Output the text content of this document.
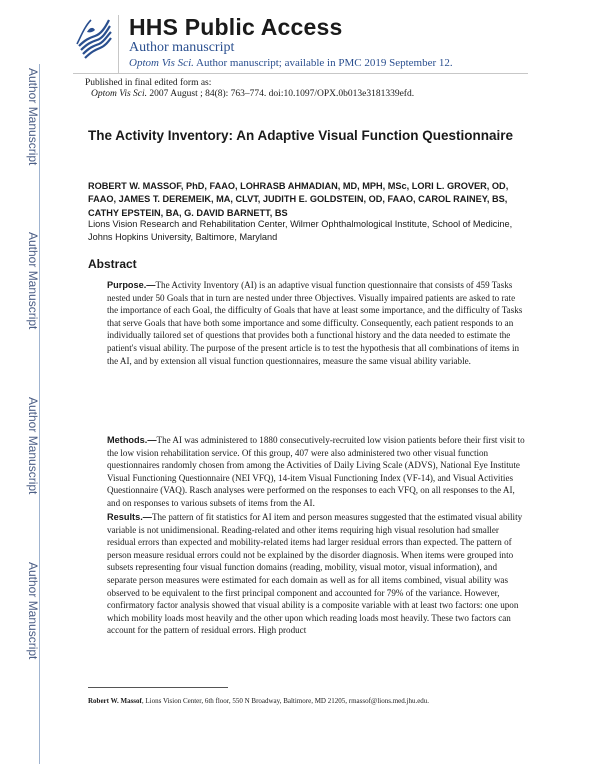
HHS Public Access
Author manuscript
Optom Vis Sci. Author manuscript; available in PMC 2019 September 12.
Author Manuscript
Author Manuscript
Author Manuscript
Author Manuscript
Published in final edited form as:
Optom Vis Sci. 2007 August ; 84(8): 763–774. doi:10.1097/OPX.0b013e3181339efd.
The Activity Inventory: An Adaptive Visual Function Questionnaire
ROBERT W. MASSOF, PhD, FAAO, LOHRASB AHMADIAN, MD, MPH, MSc, LORI L. GROVER, OD, FAAO, JAMES T. DEREMEIK, MA, CLVT, JUDITH E. GOLDSTEIN, OD, FAAO, CAROL RAINEY, BS, CATHY EPSTEIN, BA, G. DAVID BARNETT, BS
Lions Vision Research and Rehabilitation Center, Wilmer Ophthalmological Institute, School of Medicine, Johns Hopkins University, Baltimore, Maryland
Abstract

Purpose.—The Activity Inventory (AI) is an adaptive visual function questionnaire that consists of 459 Tasks nested under 50 Goals that in turn are nested under three Objectives. Visually impaired patients are asked to rate the importance of each Goal, the difficulty of Goals that have at least some importance, and the difficulty of Tasks that serve Goals that have both some importance and some difficulty. Consequently, each patient responds to an individually tailored set of questions that provides both a functional history and the data needed to estimate the patient's visual ability. The purpose of the present article is to test the hypothesis that all combinations of items in the AI, and by extension all visual function questionnaires, measure the same visual ability variable.

Methods.—The AI was administered to 1880 consecutively-recruited low vision patients before their first visit to the low vision rehabilitation service. Of this group, 407 were also administered two other visual function questionnaires randomly chosen from among the Activities of Daily Living Scale (ADVS), National Eye Institute Visual Functioning Questionnaire (NEI VFQ), 14-item Visual Functioning Index (VF-14), and Visual Activities Questionnaire (VAQ). Rasch analyses were performed on the responses to each VFQ, on all responses to the AI, and on responses to various subsets of items from the AI.

Results.—The pattern of fit statistics for AI item and person measures suggested that the estimated visual ability variable is not unidimensional. Reading-related and other items requiring high visual resolution had smaller residual errors than expected and mobility-related items had larger residual errors than expected. The pattern of person measure residual errors could not be explained by the disorder diagnosis. When items were grouped into subsets representing four visual function domains (reading, mobility, visual motor, visual information), and separate person measures were estimated for each domain as well as for all items combined, visual ability was observed to be equivalent to the first principal component and accounted for 79% of the variance. However, confirmatory factor analysis showed that visual ability is a composite variable with at least two factors: one upon which mobility loads most heavily and the other upon which reading loads most heavily. These two factors can account for the pattern of residual errors. High product

Robert W. Massof, Lions Vision Center, 6th floor, 550 N Broadway, Baltimore, MD 21205, rmassof@lions.med.jhu.edu.
